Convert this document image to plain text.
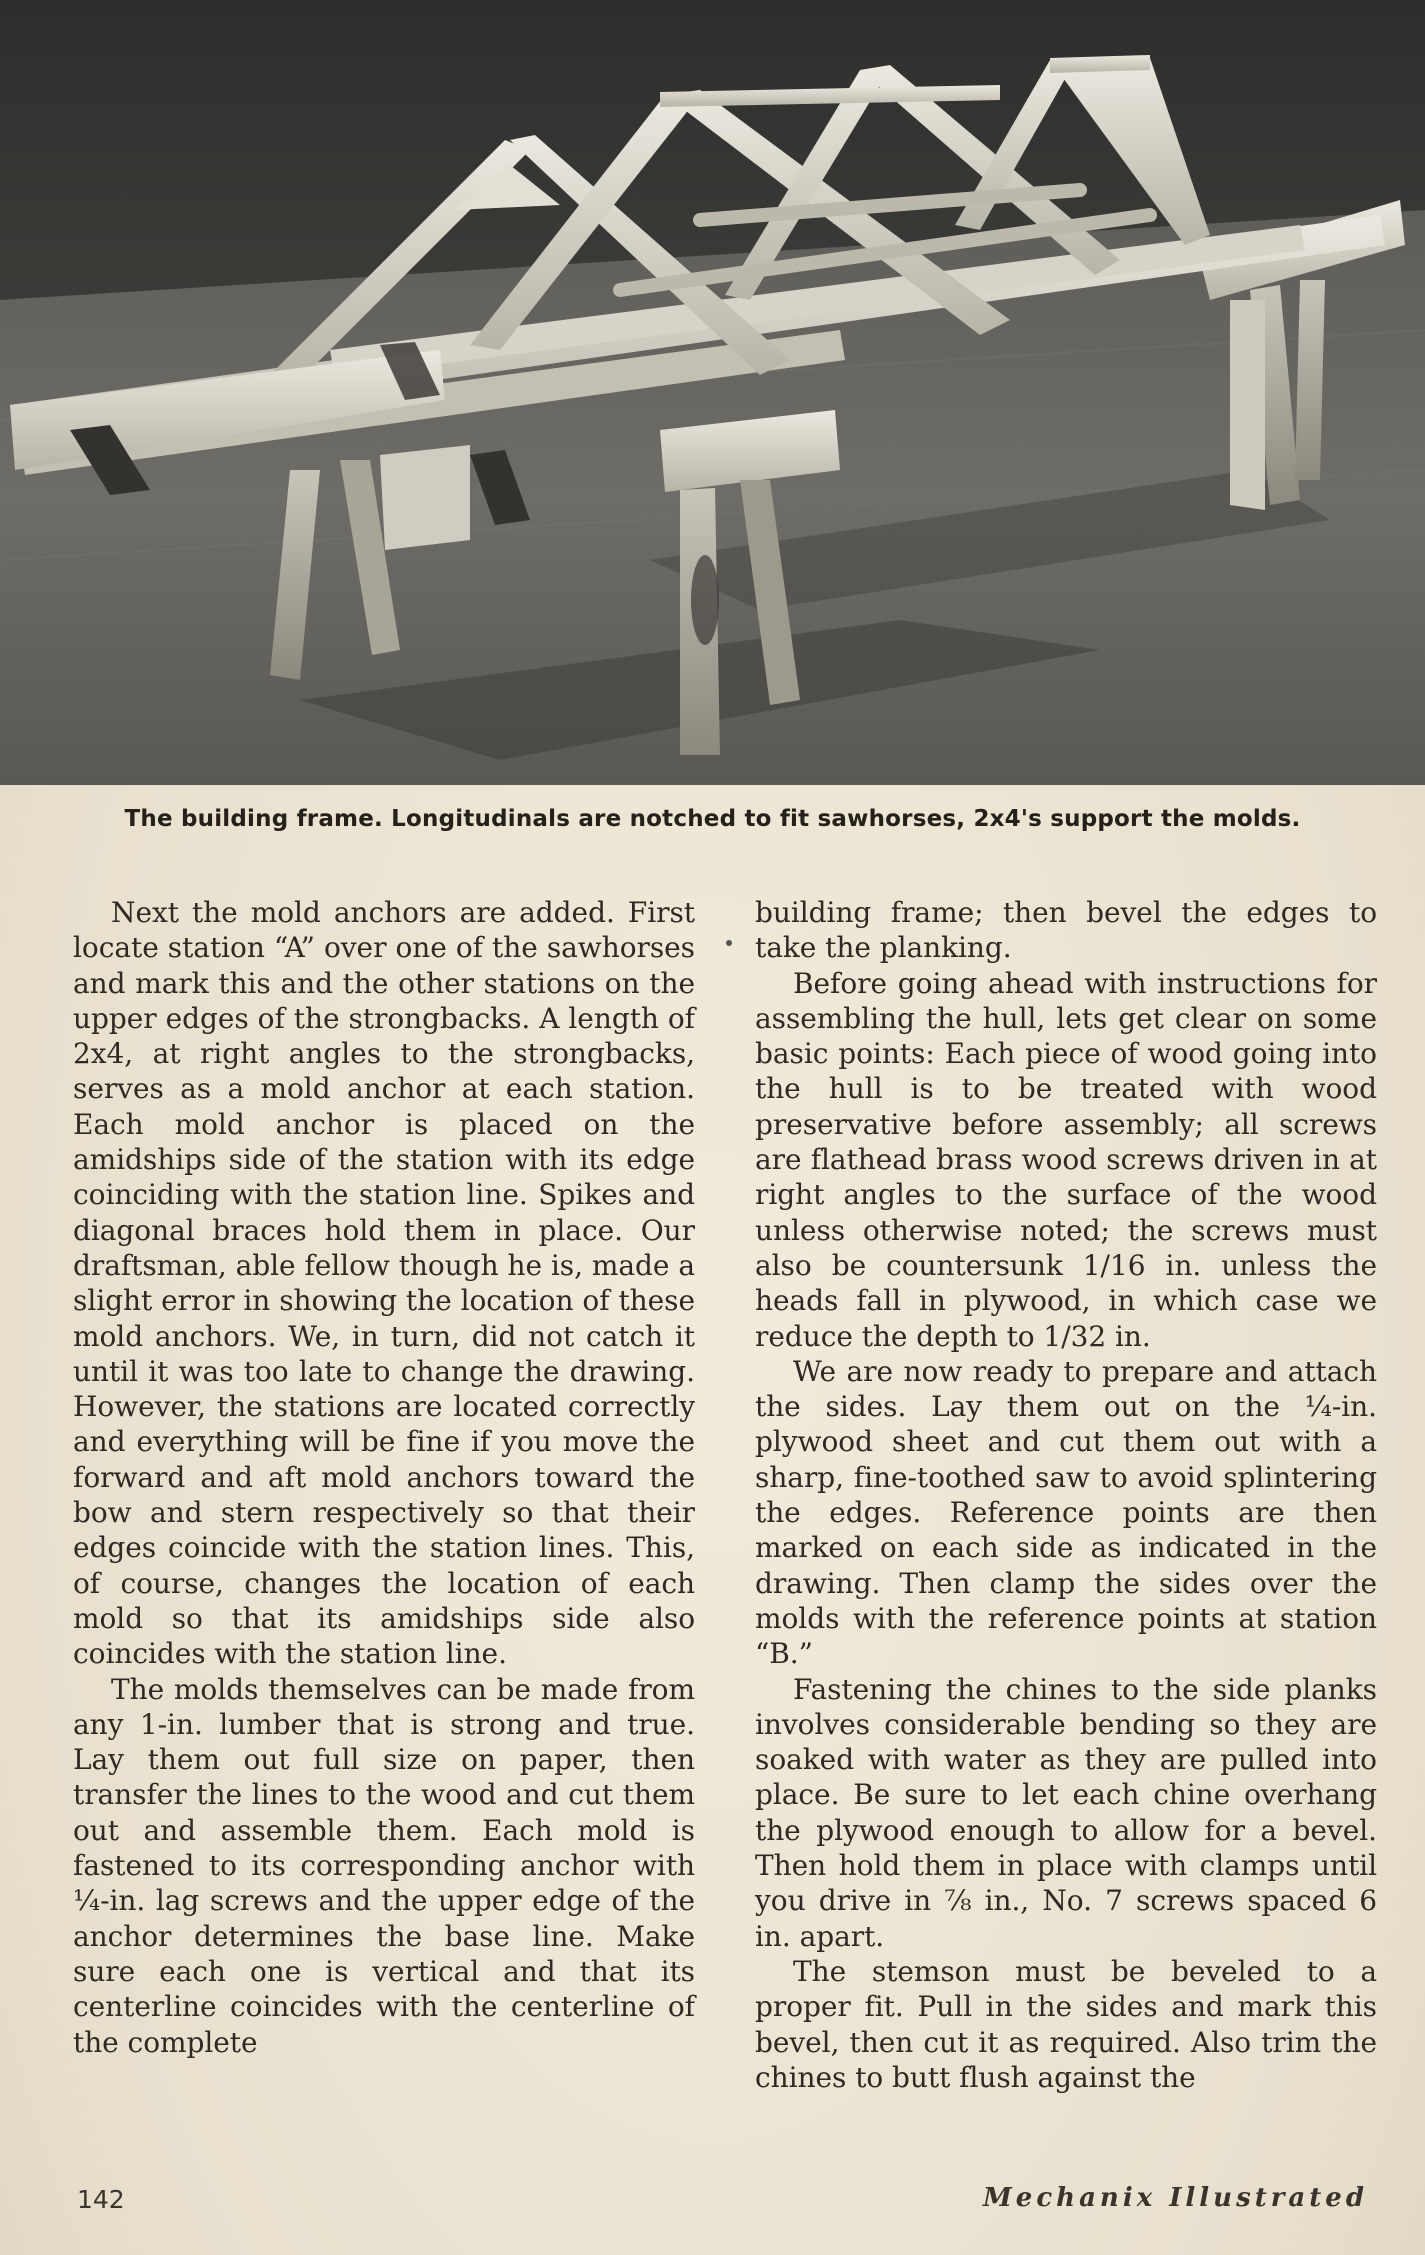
The building frame. Longitudinals are notched to fit sawhorses, 2x4's support the molds.

Next the mold anchors are added. First locate station “A” over one of the sawhorses and mark this and the other stations on the upper edges of the strongbacks. A length of 2x4, at right angles to the strongbacks, serves as a mold anchor at each station. Each mold anchor is placed on the amidships side of the station with its edge coinciding with the station line. Spikes and diagonal braces hold them in place. Our draftsman, able fellow though he is, made a slight error in showing the location of these mold anchors. We, in turn, did not catch it until it was too late to change the drawing. However, the stations are located correctly and everything will be fine if you move the forward and aft mold anchors toward the bow and stern respectively so that their edges coincide with the station lines. This, of course, changes the location of each mold so that its amidships side also coincides with the station line.

The molds themselves can be made from any 1-in. lumber that is strong and true. Lay them out full size on paper, then transfer the lines to the wood and cut them out and assemble them. Each mold is fastened to its corresponding anchor with ¼-in. lag screws and the upper edge of the anchor determines the base line. Make sure each one is vertical and that its centerline coincides with the centerline of the complete

building frame; then bevel the edges to take the planking.

Before going ahead with instructions for assembling the hull, lets get clear on some basic points: Each piece of wood going into the hull is to be treated with wood preservative before assembly; all screws are flathead brass wood screws driven in at right angles to the surface of the wood unless otherwise noted; the screws must also be countersunk 1/16 in. unless the heads fall in plywood, in which case we reduce the depth to 1/32 in.

We are now ready to prepare and attach the sides. Lay them out on the ¼-in. plywood sheet and cut them out with a sharp, fine-toothed saw to avoid splintering the edges. Reference points are then marked on each side as indicated in the drawing. Then clamp the sides over the molds with the reference points at station “B.”

Fastening the chines to the side planks involves considerable bending so they are soaked with water as they are pulled into place. Be sure to let each chine overhang the plywood enough to allow for a bevel. Then hold them in place with clamps until you drive in ⅞ in., No. 7 screws spaced 6 in. apart.

The stemson must be beveled to a proper fit. Pull in the sides and mark this bevel, then cut it as required. Also trim the chines to butt flush against the

142	Mechanix Illustrated
